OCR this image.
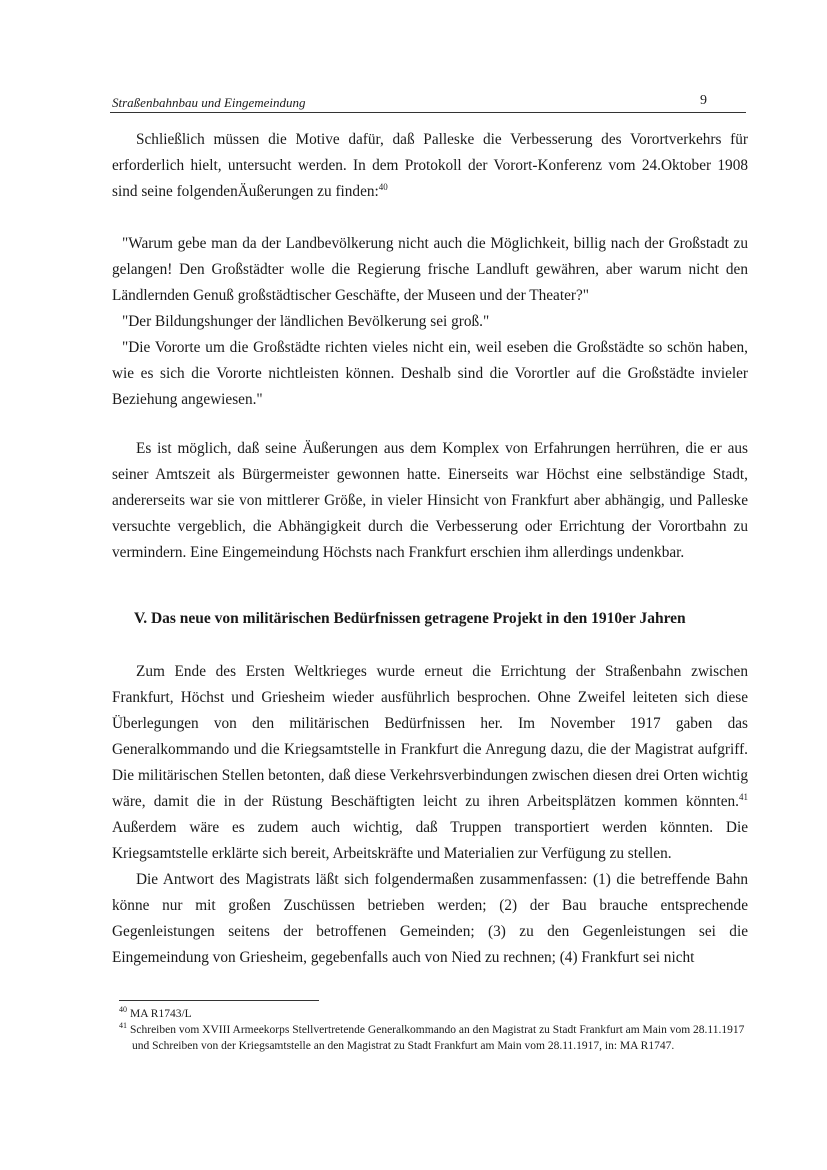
Straßenbahnbau und Eingemeindung	9

Schließlich müssen die Motive dafür, daß Palleske die Verbesserung des Vorortverkehrs für erforderlich hielt, untersucht werden. In dem Protokoll der Vorort-Konferenz vom 24.Oktober 1908 sind seine folgendenÄußerungen zu finden:$^{40}$

"Warum gebe man da der Landbevölkerung nicht auch die Möglichkeit, billig nach der Großstadt zu gelangen! Den Großstädter wolle die Regierung frische Landluft gewähren, aber warum nicht den Ländlernden Genuß großstädtischer Geschäfte, der Museen und der Theater?"

"Der Bildungshunger der ländlichen Bevölkerung sei groß."

"Die Vororte um die Großstädte richten vieles nicht ein, weil eseben die Großstädte so schön haben, wie es sich die Vororte nichtleisten können. Deshalb sind die Vorortler auf die Großstädte invieler Beziehung angewiesen."

Es ist möglich, daß seine Äußerungen aus dem Komplex von Erfahrungen herrühren, die er aus seiner Amtszeit als Bürgermeister gewonnen hatte. Einerseits war Höchst eine selbständige Stadt, andererseits war sie von mittlerer Größe, in vieler Hinsicht von Frankfurt aber abhängig, und Palleske versuchte vergeblich, die Abhängigkeit durch die Verbesserung oder Errichtung der Vorortbahn zu vermindern. Eine Eingemeindung Höchsts nach Frankfurt erschien ihm allerdings undenkbar.

V. Das neue von militärischen Bedürfnissen getragene Projekt in den 1910er Jahren

Zum Ende des Ersten Weltkrieges wurde erneut die Errichtung der Straßenbahn zwischen Frankfurt, Höchst und Griesheim wieder ausführlich besprochen. Ohne Zweifel leiteten sich diese Überlegungen von den militärischen Bedürfnissen her. Im November 1917 gaben das Generalkommando und die Kriegsamtstelle in Frankfurt die Anregung dazu, die der Magistrat aufgriff. Die militärischen Stellen betonten, daß diese Verkehrsverbindungen zwischen diesen drei Orten wichtig wäre, damit die in der Rüstung Beschäftigten leicht zu ihren Arbeitsplätzen kommen könnten.$^{41}$ Außerdem wäre es zudem auch wichtig, daß Truppen transportiert werden könnten. Die Kriegsamtstelle erklärte sich bereit, Arbeitskräfte und Materialien zur Verfügung zu stellen.

Die Antwort des Magistrats läßt sich folgendermaßen zusammenfassen: (1) die betreffende Bahn könne nur mit großen Zuschüssen betrieben werden; (2) der Bau brauche entsprechende Gegenleistungen seitens der betroffenen Gemeinden; (3) zu den Gegenleistungen sei die Eingemeindung von Griesheim, gegebenfalls auch von Nied zu rechnen; (4) Frankfurt sei nicht

$^{40}$ MA R1743/L

$^{41}$ Schreiben vom XVIII Armeekorps Stellvertretende Generalkommando an den Magistrat zu Stadt Frankfurt am Main vom 28.11.1917 und Schreiben von der Kriegsamtstelle an den Magistrat zu Stadt Frankfurt am Main vom 28.11.1917, in: MA R1747.
